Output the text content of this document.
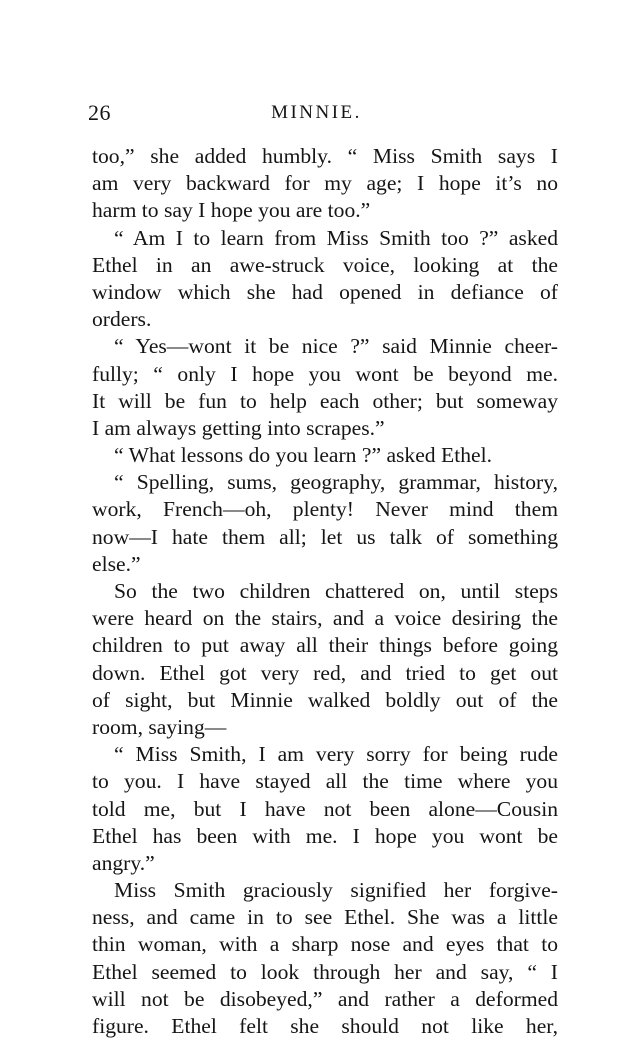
26	MINNIE.
too,” she added humbly. “ Miss Smith says I
am very backward for my age; I hope it’s no
harm to say I hope you are too.”
“ Am I to learn from Miss Smith too ?” asked
Ethel in an awe-struck voice, looking at the
window which she had opened in defiance of
orders.
“ Yes—wont it be nice ?” said Minnie cheer-
fully; “ only I hope you wont be beyond me.
It will be fun to help each other; but someway
I am always getting into scrapes.”
“ What lessons do you learn ?” asked Ethel.
“ Spelling, sums, geography, grammar, history,
work, French—oh, plenty! Never mind them
now—I hate them all; let us talk of something
else.”
So the two children chattered on, until steps
were heard on the stairs, and a voice desiring the
children to put away all their things before going
down. Ethel got very red, and tried to get out
of sight, but Minnie walked boldly out of the
room, saying—
“ Miss Smith, I am very sorry for being rude
to you. I have stayed all the time where you
told me, but I have not been alone—Cousin
Ethel has been with me. I hope you wont be
angry.”
Miss Smith graciously signified her forgive-
ness, and came in to see Ethel. She was a little
thin woman, with a sharp nose and eyes that to
Ethel seemed to look through her and say, “ I
will not be disobeyed,” and rather a deformed
figure. Ethel felt she should not like her,
